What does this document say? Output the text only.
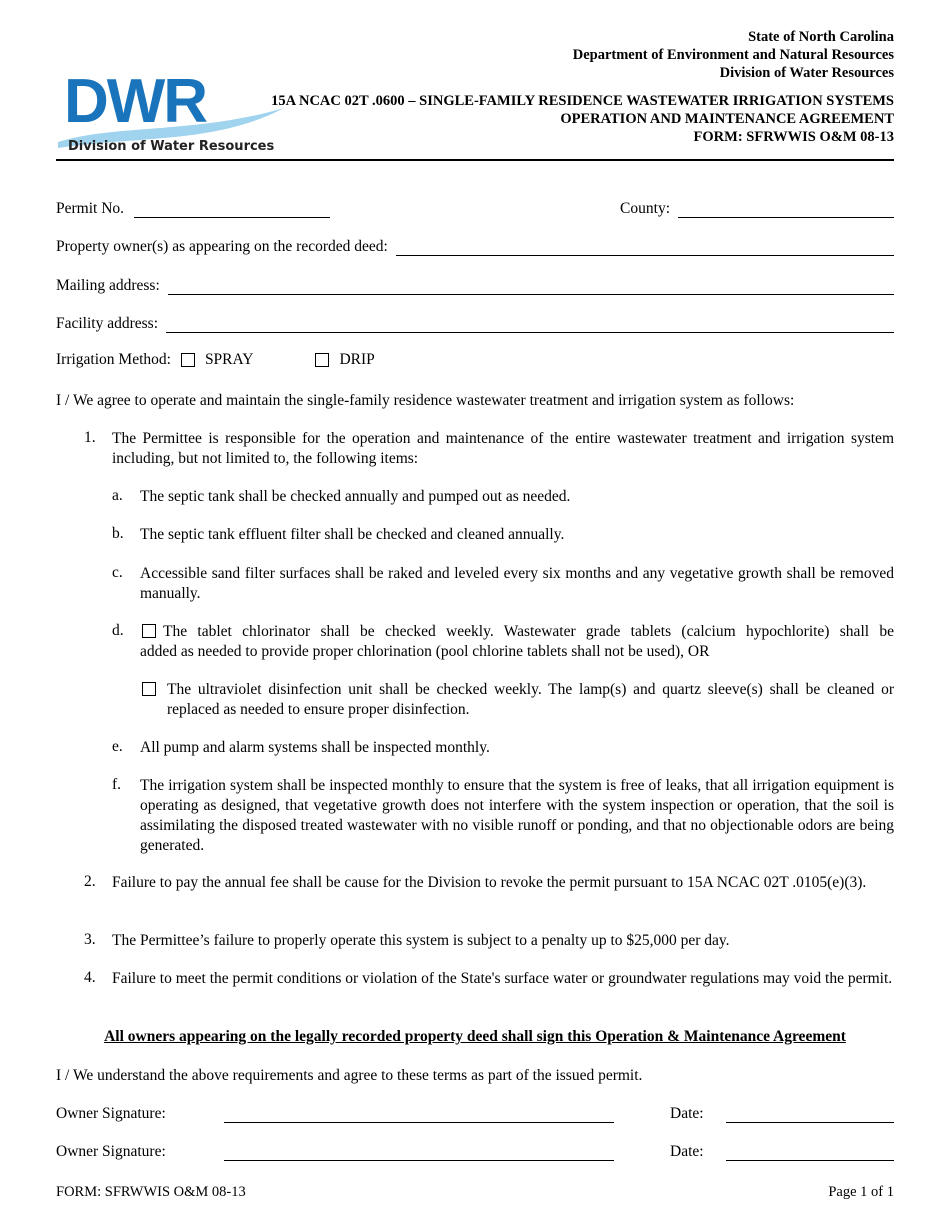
DWR
Division of Water Resources
State of North Carolina
Department of Environment and Natural Resources
Division of Water Resources
15A NCAC 02T .0600 – SINGLE-FAMILY RESIDENCE WASTEWATER IRRIGATION SYSTEMS
OPERATION AND MAINTENANCE AGREEMENT
FORM: SFRWWIS O&M 08-13
Permit No.	County:
Property owner(s) as appearing on the recorded deed:
Mailing address:
Facility address:
Irrigation Method: SPRAY	DRIP
I / We agree to operate and maintain the single-family residence wastewater treatment and irrigation system as follows:
1. The Permittee is responsible for the operation and maintenance of the entire wastewater treatment and irrigation system including, but not limited to, the following items:
a. The septic tank shall be checked annually and pumped out as needed.
b. The septic tank effluent filter shall be checked and cleaned annually.
c. Accessible sand filter surfaces shall be raked and leveled every six months and any vegetative growth shall be removed manually.
d.	The tablet chlorinator shall be checked weekly. Wastewater grade tablets (calcium hypochlorite) shall be
added as needed to provide proper chlorination (pool chlorine tablets shall not be used), OR
The ultraviolet disinfection unit shall be checked weekly. The lamp(s) and quartz sleeve(s) shall be cleaned or replaced as needed to ensure proper disinfection.
e. All pump and alarm systems shall be inspected monthly.
f. The irrigation system shall be inspected monthly to ensure that the system is free of leaks, that all irrigation equipment is operating as designed, that vegetative growth does not interfere with the system inspection or operation, that the soil is assimilating the disposed treated wastewater with no visible runoff or ponding, and that no objectionable odors are being generated.
2. Failure to pay the annual fee shall be cause for the Division to revoke the permit pursuant to 15A NCAC 02T .0105(e)(3).
3. The Permittee’s failure to properly operate this system is subject to a penalty up to $25,000 per day.
4. Failure to meet the permit conditions or violation of the State's surface water or groundwater regulations may void the permit.
All owners appearing on the legally recorded property deed shall sign this Operation & Maintenance Agreement
I / We understand the above requirements and agree to these terms as part of the issued permit.
Owner Signature:	Date:
Owner Signature:	Date:
FORM: SFRWWIS O&M 08-13	Page 1 of 1
